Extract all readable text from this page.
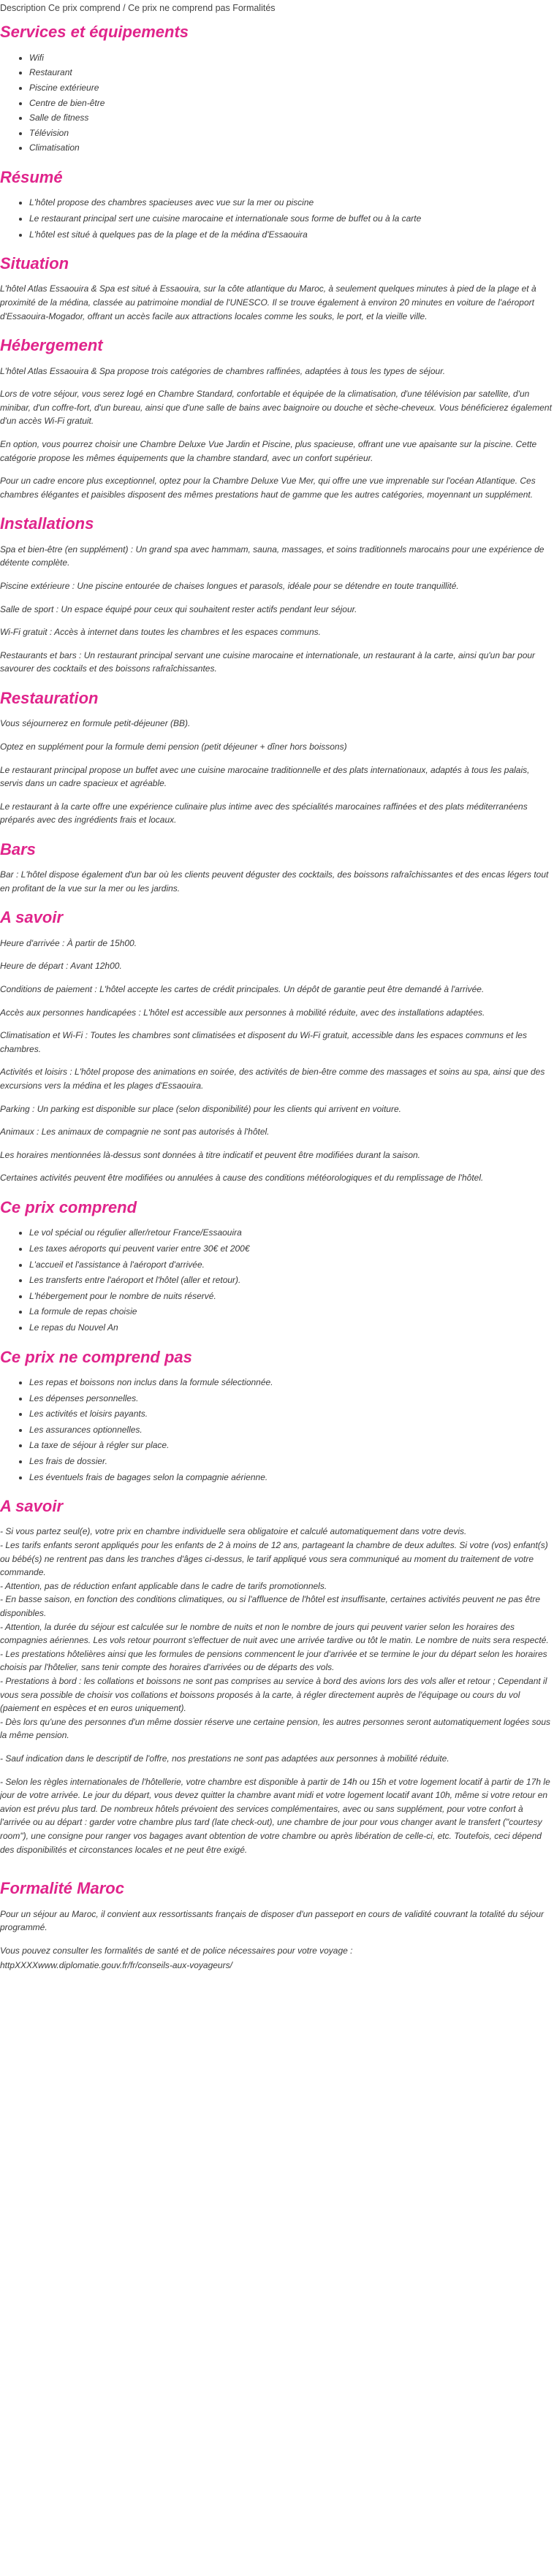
Description Ce prix comprend / Ce prix ne comprend pas Formalités
Services et équipements
• Wifi
• Restaurant
• Piscine extérieure
• Centre de bien-être
• Salle de fitness
• Télévision
• Climatisation
Résumé
• L'hôtel propose des chambres spacieuses avec vue sur la mer ou piscine
• Le restaurant principal sert une cuisine marocaine et internationale sous forme de buffet ou à la carte
• L'hôtel est situé à quelques pas de la plage et de la médina d'Essaouira
Situation

L'hôtel Atlas Essaouira & Spa est situé à Essaouira, sur la côte atlantique du Maroc, à seulement quelques minutes à pied de la plage et à proximité de la médina, classée au patrimoine mondial de l'UNESCO. Il se trouve également à environ 20 minutes en voiture de l'aéroport d'Essaouira-Mogador, offrant un accès facile aux attractions locales comme les souks, le port, et la vieille ville.

Hébergement

L'hôtel Atlas Essaouira & Spa propose trois catégories de chambres raffinées, adaptées à tous les types de séjour.

Lors de votre séjour, vous serez logé en Chambre Standard, confortable et équipée de la climatisation, d'une télévision par satellite, d'un minibar, d'un coffre-fort, d'un bureau, ainsi que d'une salle de bains avec baignoire ou douche et sèche-cheveux. Vous bénéficierez également d'un accès Wi-Fi gratuit.

En option, vous pourrez choisir une Chambre Deluxe Vue Jardin et Piscine, plus spacieuse, offrant une vue apaisante sur la piscine. Cette catégorie propose les mêmes équipements que la chambre standard, avec un confort supérieur.

Pour un cadre encore plus exceptionnel, optez pour la Chambre Deluxe Vue Mer, qui offre une vue imprenable sur l'océan Atlantique. Ces chambres élégantes et paisibles disposent des mêmes prestations haut de gamme que les autres catégories, moyennant un supplément.

Installations

Spa et bien-être (en supplément) : Un grand spa avec hammam, sauna, massages, et soins traditionnels marocains pour une expérience de détente complète.

Piscine extérieure : Une piscine entourée de chaises longues et parasols, idéale pour se détendre en toute tranquillité.

Salle de sport : Un espace équipé pour ceux qui souhaitent rester actifs pendant leur séjour.

Wi-Fi gratuit : Accès à internet dans toutes les chambres et les espaces communs.

Restaurants et bars : Un restaurant principal servant une cuisine marocaine et internationale, un restaurant à la carte, ainsi qu'un bar pour savourer des cocktails et des boissons rafraîchissantes.

Restauration

Vous séjournerez en formule petit-déjeuner (BB).

Optez en supplément pour la formule demi pension (petit déjeuner + dîner hors boissons)

Le restaurant principal propose un buffet avec une cuisine marocaine traditionnelle et des plats internationaux, adaptés à tous les palais, servis dans un cadre spacieux et agréable.

Le restaurant à la carte offre une expérience culinaire plus intime avec des spécialités marocaines raffinées et des plats méditerranéens préparés avec des ingrédients frais et locaux.

Bars

Bar : L'hôtel dispose également d'un bar où les clients peuvent déguster des cocktails, des boissons rafraîchissantes et des encas légers tout en profitant de la vue sur la mer ou les jardins.

A savoir

Heure d'arrivée : À partir de 15h00.

Heure de départ : Avant 12h00.

Conditions de paiement : L'hôtel accepte les cartes de crédit principales. Un dépôt de garantie peut être demandé à l'arrivée.

Accès aux personnes handicapées : L'hôtel est accessible aux personnes à mobilité réduite, avec des installations adaptées.

Climatisation et Wi-Fi : Toutes les chambres sont climatisées et disposent du Wi-Fi gratuit, accessible dans les espaces communs et les chambres.

Activités et loisirs : L'hôtel propose des animations en soirée, des activités de bien-être comme des massages et soins au spa, ainsi que des excursions vers la médina et les plages d'Essaouira.

Parking : Un parking est disponible sur place (selon disponibilité) pour les clients qui arrivent en voiture.

Animaux : Les animaux de compagnie ne sont pas autorisés à l'hôtel.

Les horaires mentionnées là-dessus sont données à titre indicatif et peuvent être modifiées durant la saison.

Certaines activités peuvent être modifiées ou annulées à cause des conditions météorologiques et du remplissage de l'hôtel.

Ce prix comprend
• Le vol spécial ou régulier aller/retour France/Essaouira
• Les taxes aéroports qui peuvent varier entre 30€ et 200€
• L'accueil et l'assistance à l'aéroport d'arrivée.
• Les transferts entre l'aéroport et l'hôtel (aller et retour).
• L'hébergement pour le nombre de nuits réservé.
• La formule de repas choisie
• Le repas du Nouvel An
Ce prix ne comprend pas
• Les repas et boissons non inclus dans la formule sélectionnée.
• Les dépenses personnelles.
• Les activités et loisirs payants.
• Les assurances optionnelles.
• La taxe de séjour à régler sur place.
• Les frais de dossier.
• Les éventuels frais de bagages selon la compagnie aérienne.
A savoir

- Si vous partez seul(e), votre prix en chambre individuelle sera obligatoire et calculé automatiquement dans votre devis.

- Les tarifs enfants seront appliqués pour les enfants de 2 à moins de 12 ans, partageant la chambre de deux adultes. Si votre (vos) enfant(s) ou bébé(s) ne rentrent pas dans les tranches d'âges ci-dessus, le tarif appliqué vous sera communiqué au moment du traitement de votre commande.

- Attention, pas de réduction enfant applicable dans le cadre de tarifs promotionnels.

- En basse saison, en fonction des conditions climatiques, ou si l'affluence de l'hôtel est insuffisante, certaines activités peuvent ne pas être disponibles.

- Attention, la durée du séjour est calculée sur le nombre de nuits et non le nombre de jours qui peuvent varier selon les horaires des compagnies aériennes. Les vols retour pourront s'effectuer de nuit avec une arrivée tardive ou tôt le matin. Le nombre de nuits sera respecté.

- Les prestations hôtelières ainsi que les formules de pensions commencent le jour d'arrivée et se termine le jour du départ selon les horaires choisis par l'hôtelier, sans tenir compte des horaires d'arrivées ou de départs des vols.

- Prestations à bord : les collations et boissons ne sont pas comprises au service à bord des avions lors des vols aller et retour ; Cependant il vous sera possible de choisir vos collations et boissons proposés à la carte, à régler directement auprès de l'équipage ou cours du vol (paiement en espèces et en euros uniquement).

- Dès lors qu'une des personnes d'un même dossier réserve une certaine pension, les autres personnes seront automatiquement logées sous la même pension.

- Sauf indication dans le descriptif de l'offre, nos prestations ne sont pas adaptées aux personnes à mobilité réduite.

- Selon les règles internationales de l'hôtellerie, votre chambre est disponible à partir de 14h ou 15h et votre logement locatif à partir de 17h le jour de votre arrivée. Le jour du départ, vous devez quitter la chambre avant midi et votre logement locatif avant 10h, même si votre retour en avion est prévu plus tard. De nombreux hôtels prévoient des services complémentaires, avec ou sans supplément, pour votre confort à l'arrivée ou au départ : garder votre chambre plus tard (late check-out), une chambre de jour pour vous changer avant le transfert ("courtesy room"), une consigne pour ranger vos bagages avant obtention de votre chambre ou après libération de celle-ci, etc. Toutefois, ceci dépend des disponibilités et circonstances locales et ne peut être exigé.

Formalité Maroc

Pour un séjour au Maroc, il convient aux ressortissants français de disposer d'un passeport en cours de validité couvrant la totalité du séjour programmé.

Vous pouvez consulter les formalités de santé et de police nécessaires pour votre voyage :

httpXXXXwww.diplomatie.gouv.fr/fr/conseils-aux-voyageurs/
